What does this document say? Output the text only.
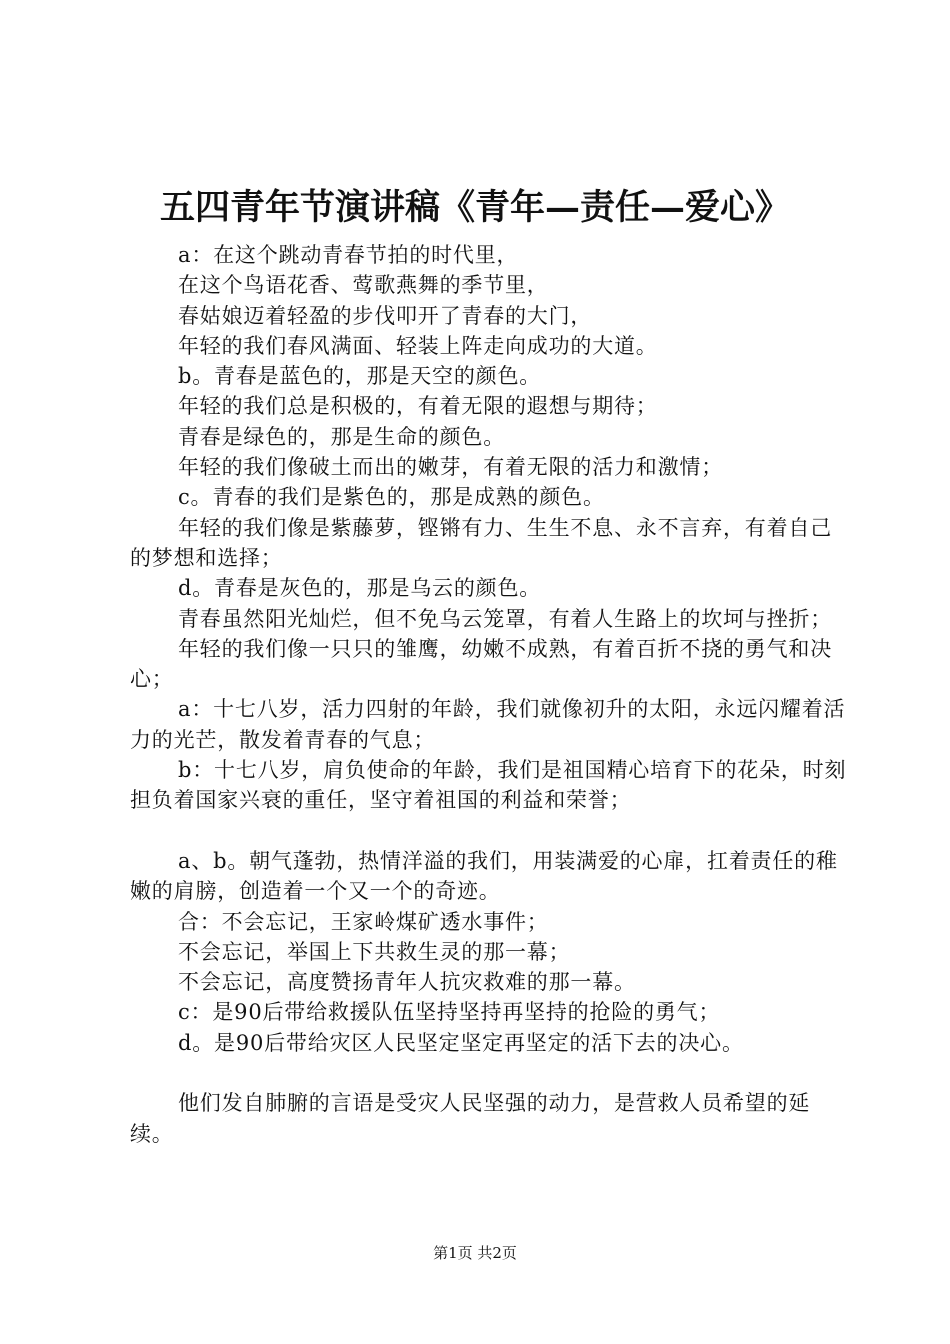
五四青年节演讲稿《青年—责任—爱心》

a：在这个跳动青春节拍的时代里，

在这个鸟语花香、莺歌燕舞的季节里，

春姑娘迈着轻盈的步伐叩开了青春的大门，

年轻的我们春风满面、轻装上阵走向成功的大道。

b。青春是蓝色的，那是天空的颜色。

年轻的我们总是积极的，有着无限的遐想与期待；

青春是绿色的，那是生命的颜色。

年轻的我们像破土而出的嫩芽，有着无限的活力和激情；

c。青春的我们是紫色的，那是成熟的颜色。

年轻的我们像是紫藤萝，铿锵有力、生生不息、永不言弃，有着自己的梦想和选择；

d。青春是灰色的，那是乌云的颜色。

青春虽然阳光灿烂，但不免乌云笼罩，有着人生路上的坎坷与挫折；

年轻的我们像一只只的雏鹰，幼嫩不成熟，有着百折不挠的勇气和决心；

a：十七八岁，活力四射的年龄，我们就像初升的太阳，永远闪耀着活力的光芒，散发着青春的气息；

b：十七八岁，肩负使命的年龄，我们是祖国精心培育下的花朵，时刻担负着国家兴衰的重任，坚守着祖国的利益和荣誉；

a、b。朝气蓬勃，热情洋溢的我们，用装满爱的心扉，扛着责任的稚嫩的肩膀，创造着一个又一个的奇迹。

合：不会忘记，王家岭煤矿透水事件；

不会忘记，举国上下共救生灵的那一幕；

不会忘记，高度赞扬青年人抗灾救难的那一幕。

c：是90后带给救援队伍坚持坚持再坚持的抢险的勇气；

d。是90后带给灾区人民坚定坚定再坚定的活下去的决心。

他们发自肺腑的言语是受灾人民坚强的动力，是营救人员希望的延续。

第1页 共2页
